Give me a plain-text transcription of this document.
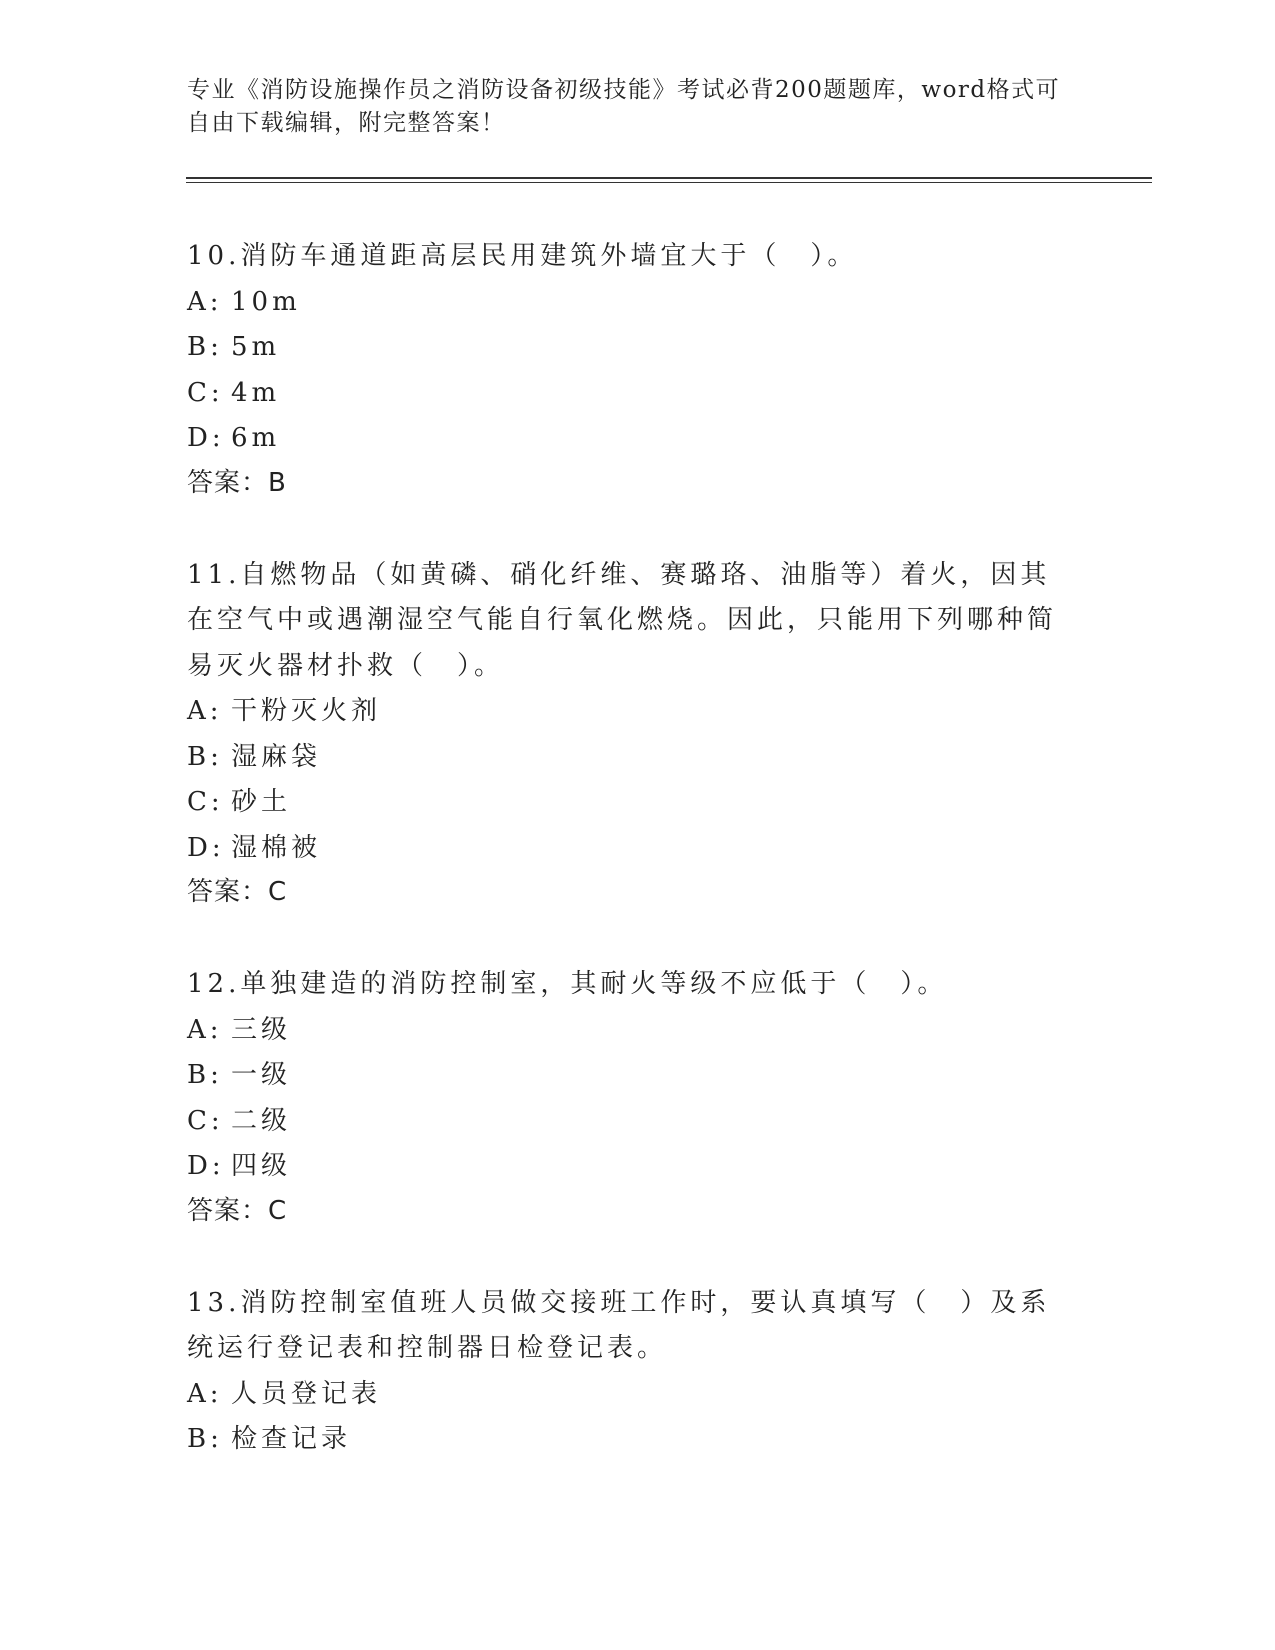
专业《消防设施操作员之消防设备初级技能》考试必背200题题库，word格式可自由下载编辑，附完整答案！

10.消防车通道距高层民用建筑外墙宜大于（　）。

A: 10m
B: 5m
C: 4m
D: 6m

答案：B

11.自燃物品（如黄磷、硝化纤维、赛璐珞、油脂等）着火，因其在空气中或遇潮湿空气能自行氧化燃烧。因此，只能用下列哪种简易灭火器材扑救（　）。

A: 干粉灭火剂
B: 湿麻袋
C: 砂土
D: 湿棉被

答案：C

12.单独建造的消防控制室，其耐火等级不应低于（　）。

A: 三级
B: 一级
C: 二级
D: 四级

答案：C

13.消防控制室值班人员做交接班工作时，要认真填写（　）及系统运行登记表和控制器日检登记表。

A: 人员登记表
B: 检查记录
